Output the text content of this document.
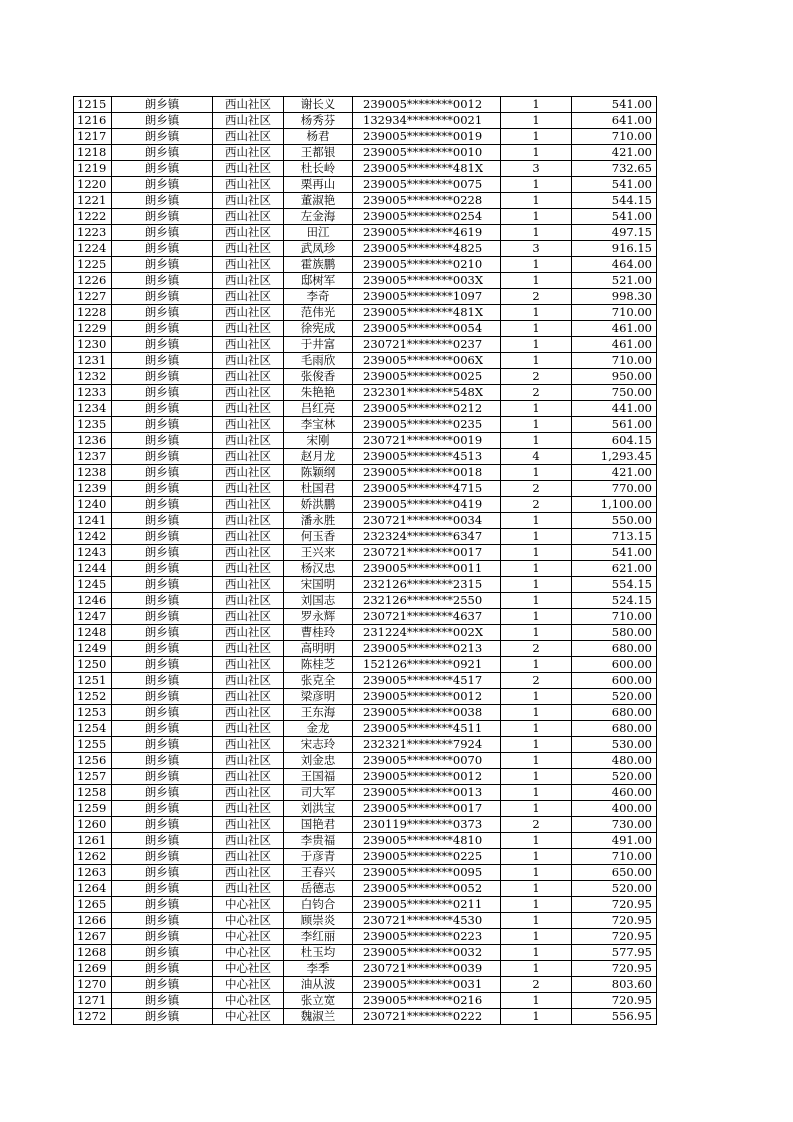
1215	朗乡镇	西山社区	谢长义	239005********0012	1	541.00
1216	朗乡镇	西山社区	杨秀芬	132934********0021	1	641.00
1217	朗乡镇	西山社区	杨君	239005********0019	1	710.00
1218	朗乡镇	西山社区	王都银	239005********0010	1	421.00
1219	朗乡镇	西山社区	杜长岭	239005********481X	3	732.65
1220	朗乡镇	西山社区	栗再山	239005********0075	1	541.00
1221	朗乡镇	西山社区	董淑艳	239005********0228	1	544.15
1222	朗乡镇	西山社区	左金海	239005********0254	1	541.00
1223	朗乡镇	西山社区	田江	239005********4619	1	497.15
1224	朗乡镇	西山社区	武凤珍	239005********4825	3	916.15
1225	朗乡镇	西山社区	霍族鹏	239005********0210	1	464.00
1226	朗乡镇	西山社区	邸树军	239005********003X	1	521.00
1227	朗乡镇	西山社区	李奇	239005********1097	2	998.30
1228	朗乡镇	西山社区	范伟光	239005********481X	1	710.00
1229	朗乡镇	西山社区	徐宪成	239005********0054	1	461.00
1230	朗乡镇	西山社区	于井富	230721********0237	1	461.00
1231	朗乡镇	西山社区	毛雨欣	239005********006X	1	710.00
1232	朗乡镇	西山社区	张俊香	239005********0025	2	950.00
1233	朗乡镇	西山社区	朱艳艳	232301********548X	2	750.00
1234	朗乡镇	西山社区	吕红亮	239005********0212	1	441.00
1235	朗乡镇	西山社区	李宝林	239005********0235	1	561.00
1236	朗乡镇	西山社区	宋刚	230721********0019	1	604.15
1237	朗乡镇	西山社区	赵月龙	239005********4513	4	1,293.45
1238	朗乡镇	西山社区	陈颖纲	239005********0018	1	421.00
1239	朗乡镇	西山社区	杜国君	239005********4715	2	770.00
1240	朗乡镇	西山社区	娇洪鹏	239005********0419	2	1,100.00
1241	朗乡镇	西山社区	潘永胜	230721********0034	1	550.00
1242	朗乡镇	西山社区	何玉香	232324********6347	1	713.15
1243	朗乡镇	西山社区	王兴来	230721********0017	1	541.00
1244	朗乡镇	西山社区	杨汉忠	239005********0011	1	621.00
1245	朗乡镇	西山社区	宋国明	232126********2315	1	554.15
1246	朗乡镇	西山社区	刘国志	232126********2550	1	524.15
1247	朗乡镇	西山社区	罗永辉	230721********4637	1	710.00
1248	朗乡镇	西山社区	曹桂玲	231224********002X	1	580.00
1249	朗乡镇	西山社区	高明明	239005********0213	2	680.00
1250	朗乡镇	西山社区	陈桂芝	152126********0921	1	600.00
1251	朗乡镇	西山社区	张克全	239005********4517	2	600.00
1252	朗乡镇	西山社区	梁彦明	239005********0012	1	520.00
1253	朗乡镇	西山社区	王东海	239005********0038	1	680.00
1254	朗乡镇	西山社区	金龙	239005********4511	1	680.00
1255	朗乡镇	西山社区	宋志玲	232321********7924	1	530.00
1256	朗乡镇	西山社区	刘金忠	239005********0070	1	480.00
1257	朗乡镇	西山社区	王国福	239005********0012	1	520.00
1258	朗乡镇	西山社区	司大军	239005********0013	1	460.00
1259	朗乡镇	西山社区	刘洪宝	239005********0017	1	400.00
1260	朗乡镇	西山社区	国艳君	230119********0373	2	730.00
1261	朗乡镇	西山社区	李贵福	239005********4810	1	491.00
1262	朗乡镇	西山社区	于彦青	239005********0225	1	710.00
1263	朗乡镇	西山社区	王春兴	239005********0095	1	650.00
1264	朗乡镇	西山社区	岳德志	239005********0052	1	520.00
1265	朗乡镇	中心社区	白钧合	239005********0211	1	720.95
1266	朗乡镇	中心社区	顾崇炎	230721********4530	1	720.95
1267	朗乡镇	中心社区	李红丽	239005********0223	1	720.95
1268	朗乡镇	中心社区	杜玉均	239005********0032	1	577.95
1269	朗乡镇	中心社区	李季	230721********0039	1	720.95
1270	朗乡镇	中心社区	油从波	239005********0031	2	803.60
1271	朗乡镇	中心社区	张立宽	239005********0216	1	720.95
1272	朗乡镇	中心社区	魏淑兰	230721********0222	1	556.95
